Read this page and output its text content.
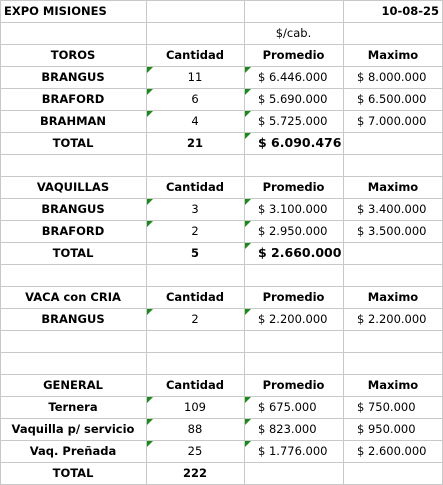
EXPO MISIONES	10-08-25
$/cab.
TOROS	Cantidad	Promedio	Maximo
BRANGUS	11	$ 6.446.000	$ 8.000.000
BRAFORD	6	$ 5.690.000	$ 6.500.000
BRAHMAN	4	$ 5.725.000	$ 7.000.000
TOTAL	21	$ 6.090.476
VAQUILLAS	Cantidad	Promedio	Maximo
BRANGUS	3	$ 3.100.000	$ 3.400.000
BRAFORD	2	$ 2.950.000	$ 3.500.000
TOTAL	5	$ 2.660.000
VACA con CRIA	Cantidad	Promedio	Maximo
BRANGUS	2	$ 2.200.000	$ 2.200.000
GENERAL	Cantidad	Promedio	Maximo
Ternera	109	$ 675.000	$ 750.000
Vaquilla p/ servicio	88	$ 823.000	$ 950.000
Vaq. Preñada	25	$ 1.776.000	$ 2.600.000
TOTAL	222
